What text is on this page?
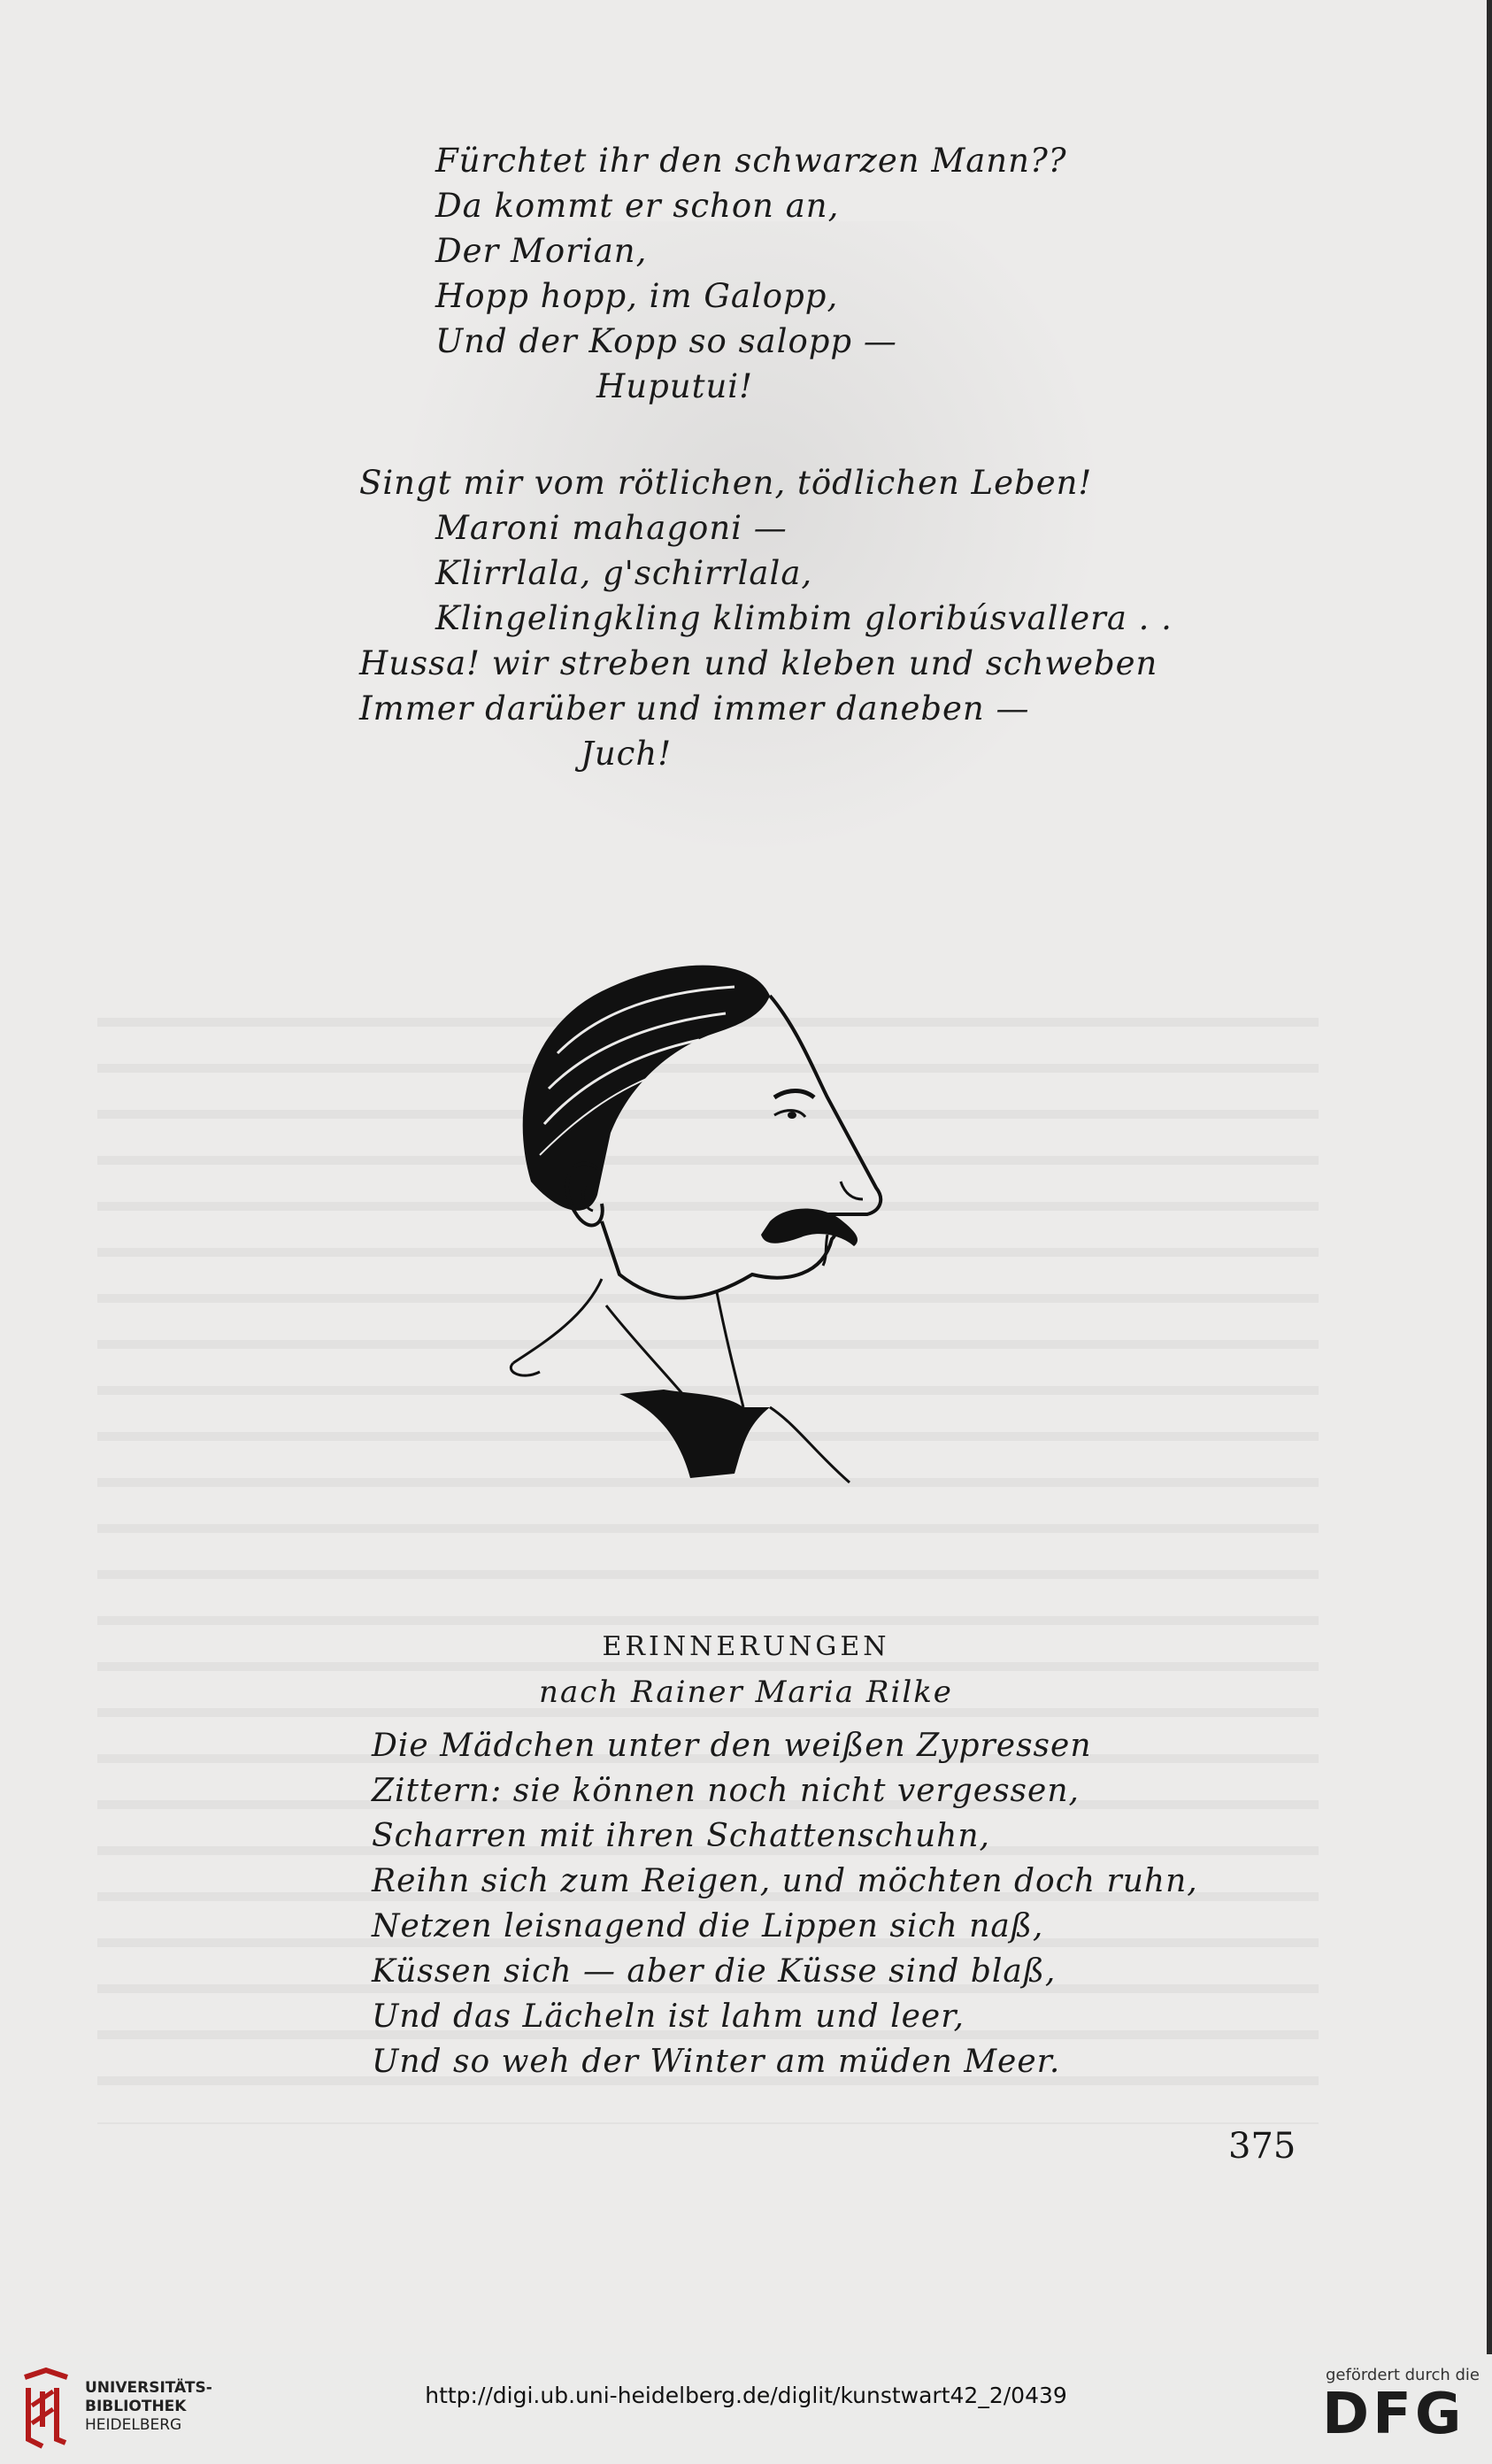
Fürchtet ihr den schwarzen Mann??

Da kommt er schon an,

Der Morian,

Hopp hopp, im Galopp,

Und der Kopp so salopp —

Huputui!

Singt mir vom rötlichen, tödlichen Leben!

Maroni mahagoni —

Klirrlala, g'schirrlala,

Klingelingkling klimbim gloribúsvallera . .

Hussa! wir streben und kleben und schweben

Immer darüber und immer daneben —

Juch!

ERINNERUNGEN

nach Rainer Maria Rilke

Die Mädchen unter den weißen Zypressen

Zittern: sie können noch nicht vergessen,

Scharren mit ihren Schattenschuhn,

Reihn sich zum Reigen, und möchten doch ruhn,

Netzen leisnagend die Lippen sich naß,

Küssen sich — aber die Küsse sind blaß,

Und das Lächeln ist lahm und leer,

Und so weh der Winter am müden Meer.

375
UNIVERSITÄTS-
BIBLIOTHEK
HEIDELBERG
http://digi.ub.uni-heidelberg.de/diglit/kunstwart42_2/0439
gefördert durch die
DFG
